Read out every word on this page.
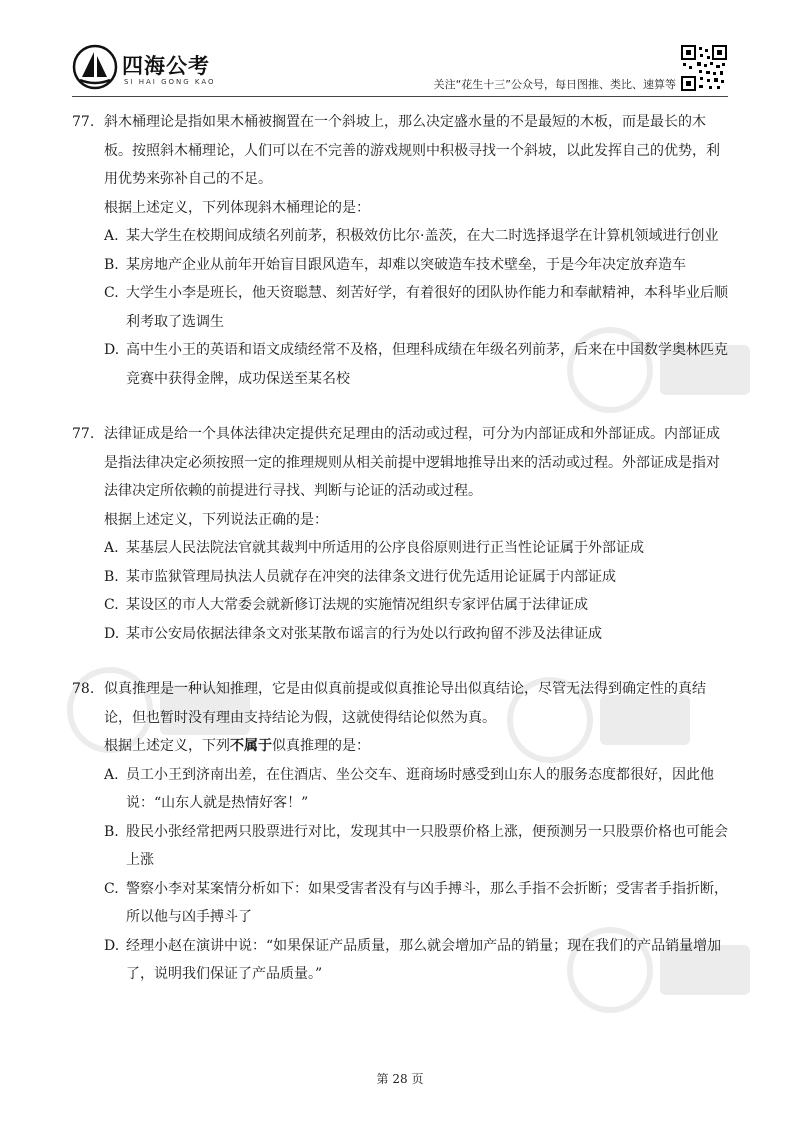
四海公考
SI HAI GONG KAO	关注“花生十三”公众号，每日图推、类比、速算等
77. 斜木桶理论是指如果木桶被搁置在一个斜坡上，那么决定盛水量的不是最短的木板，而是最长的木板。按照斜木桶理论，人们可以在不完善的游戏规则中积极寻找一个斜坡，以此发挥自己的优势，利用优势来弥补自己的不足。
根据上述定义，下列体现斜木桶理论的是：
A. 某大学生在校期间成绩名列前茅，积极效仿比尔·盖茨，在大二时选择退学在计算机领域进行创业
B. 某房地产企业从前年开始盲目跟风造车，却难以突破造车技术壁垒，于是今年决定放弃造车
C. 大学生小李是班长，他天资聪慧、刻苦好学，有着很好的团队协作能力和奉献精神，本科毕业后顺利考取了选调生
D. 高中生小王的英语和语文成绩经常不及格，但理科成绩在年级名列前茅，后来在中国数学奥林匹克竞赛中获得金牌，成功保送至某名校
77. 法律证成是给一个具体法律决定提供充足理由的活动或过程，可分为内部证成和外部证成。内部证成是指法律决定必须按照一定的推理规则从相关前提中逻辑地推导出来的活动或过程。外部证成是指对法律决定所依赖的前提进行寻找、判断与论证的活动或过程。
根据上述定义，下列说法正确的是：
A. 某基层人民法院法官就其裁判中所适用的公序良俗原则进行正当性论证属于外部证成
B. 某市监狱管理局执法人员就存在冲突的法律条文进行优先适用论证属于内部证成
C. 某设区的市人大常委会就新修订法规的实施情况组织专家评估属于法律证成
D. 某市公安局依据法律条文对张某散布谣言的行为处以行政拘留不涉及法律证成
78. 似真推理是一种认知推理，它是由似真前提或似真推论导出似真结论，尽管无法得到确定性的真结论，但也暂时没有理由支持结论为假，这就使得结论似然为真。
根据上述定义，下列不属于似真推理的是：
A. 员工小王到济南出差，在住酒店、坐公交车、逛商场时感受到山东人的服务态度都很好，因此他说：“山东人就是热情好客！”
B. 股民小张经常把两只股票进行对比，发现其中一只股票价格上涨，便预测另一只股票价格也可能会上涨
C. 警察小李对某案情分析如下：如果受害者没有与凶手搏斗，那么手指不会折断；受害者手指折断，所以他与凶手搏斗了
D. 经理小赵在演讲中说：“如果保证产品质量，那么就会增加产品的销量；现在我们的产品销量增加了，说明我们保证了产品质量。”
第 28 页
